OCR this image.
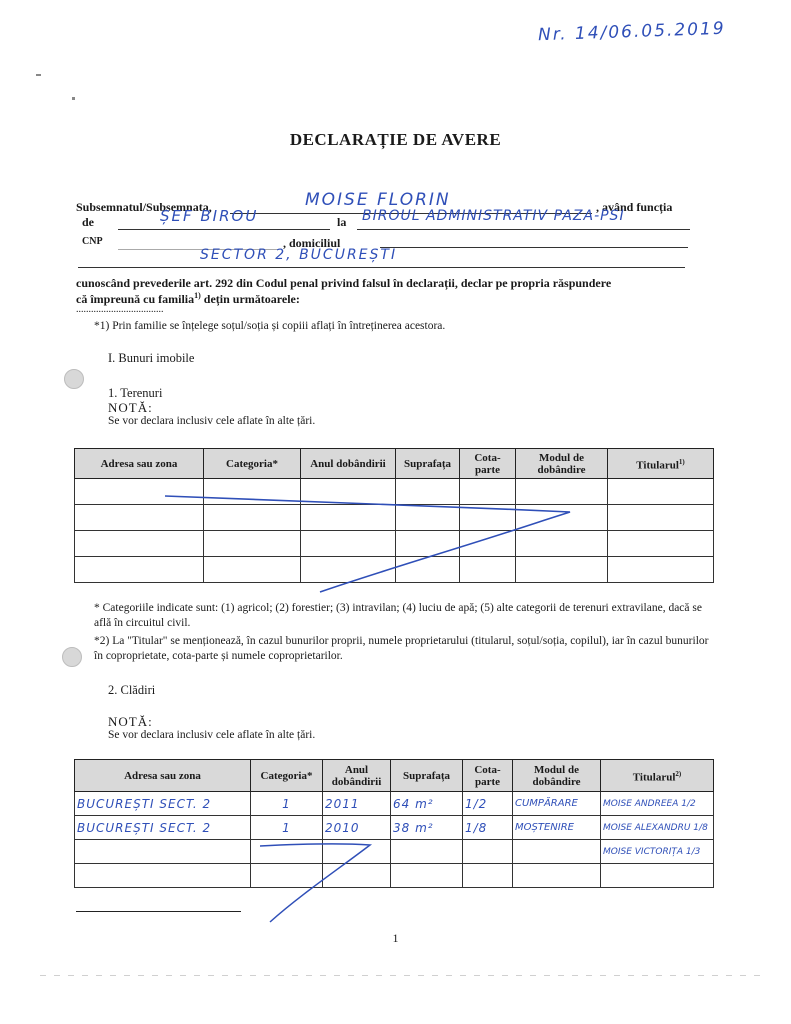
Nr. 14/06.05.2019
DECLARAȚIE DE AVERE
Subsemnatul/Subsemnata,	MOISE FLORIN	, având funcția
de	ȘEF BIROU	la BIROUL ADMINISTRATIV PAZA-PSI
CNP	, domiciliul
SECTOR 2, BUCUREȘTI
cunoscând prevederile art. 292 din Codul penal privind falsul în declarații, declar pe propria răspundere
că împreună cu familia$^{1)}$ dețin următoarele:
...................................
*1) Prin familie se înțelege soțul/soția și copiii aflați în întreținerea acestora.
I. Bunuri imobile
1. Terenuri
NOTĂ:
Se vor declara inclusiv cele aflate în alte țări.
Adresa sau zona	Categoria*	Anul dobândirii	Suprafața	Cota-parte	Modul de dobândire	Titularul$^{1)}$

* Categoriile indicate sunt: (1) agricol; (2) forestier; (3) intravilan; (4) luciu de apă; (5) alte categorii de terenuri extravilane, dacă se află în circuitul civil.
*2) La "Titular" se menționează, în cazul bunurilor proprii, numele proprietarului (titularul, soțul/soția, copilul), iar în cazul bunurilor în coproprietate, cota-parte și numele coproprietarilor.
2. Clădiri
NOTĂ:
Se vor declara inclusiv cele aflate în alte țări.
Adresa sau zona	Categoria*	Anul dobândirii	Suprafața	Cota-parte	Modul de dobândire	Titularul$^{2)}$
BUCUREȘTI SECT. 2	1	2011	64 m²	1/2	CUMPĂRARE	MOISE ANDREEA 1/2
BUCUREȘTI SECT. 2	1	2010	38 m²	1/8	MOȘTENIRE	MOISE ALEXANDRU 1/8
						MOISE VICTORIȚA 1/3

1
